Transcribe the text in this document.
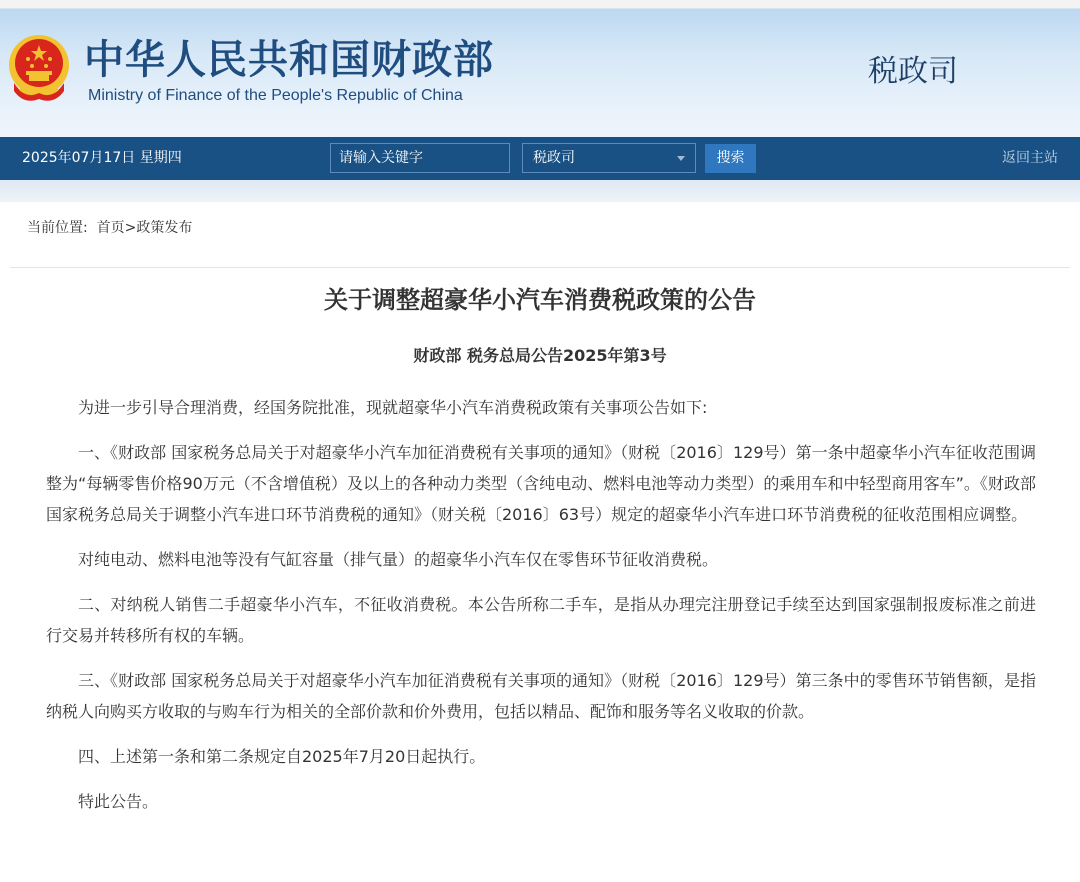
中华人民共和国财政部
Ministry of Finance of the People's Republic of China
税政司
2025年07月17日 星期四
请输入关键字	税政司	搜索	返回主站
当前位置: 首页>政策发布
关于调整超豪华小汽车消费税政策的公告
财政部 税务总局公告2025年第3号

为进一步引导合理消费，经国务院批准，现就超豪华小汽车消费税政策有关事项公告如下:

一、《财政部 国家税务总局关于对超豪华小汽车加征消费税有关事项的通知》（财税〔2016〕129号）第一条中超豪华小汽车征收范围调整为“每辆零售价格90万元（不含增值税）及以上的各种动力类型（含纯电动、燃料电池等动力类型）的乘用车和中轻型商用客车”。《财政部 国家税务总局关于调整小汽车进口环节消费税的通知》（财关税〔2016〕63号）规定的超豪华小汽车进口环节消费税的征收范围相应调整。

对纯电动、燃料电池等没有气缸容量（排气量）的超豪华小汽车仅在零售环节征收消费税。

二、对纳税人销售二手超豪华小汽车，不征收消费税。本公告所称二手车，是指从办理完注册登记手续至达到国家强制报废标准之前进行交易并转移所有权的车辆。

三、《财政部 国家税务总局关于对超豪华小汽车加征消费税有关事项的通知》（财税〔2016〕129号）第三条中的零售环节销售额，是指纳税人向购买方收取的与购车行为相关的全部价款和价外费用，包括以精品、配饰和服务等名义收取的价款。

四、上述第一条和第二条规定自2025年7月20日起执行。

特此公告。
